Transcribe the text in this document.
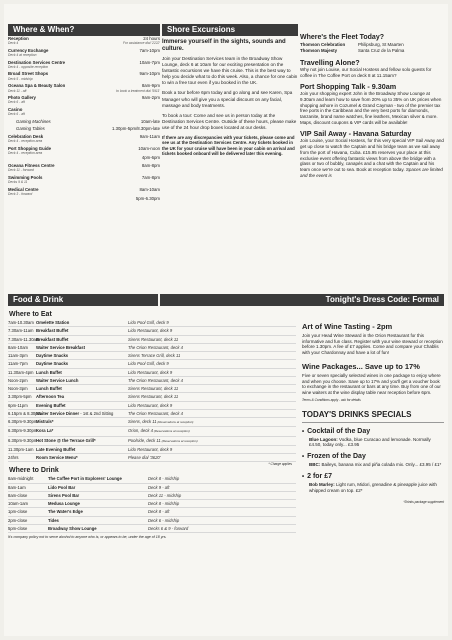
Where & When?	Shore Excursions
Reception	24 hours
Deck 4	For assistance dial '2222'
Currency Exchange	7am-10pm
Deck 4 at reception
Destination Services Centre	10am-7pm
Deck 4 - opposite reception
Broad Street Shops	9am-10pm
Deck 5 - midship
Oceana Spa & Beauty Salon	8am-9pm
Deck 11 - aft	to book a treatment dial '5911'
Photo Gallery	9am-2pm
Deck 6 - aft
Casino
Deck 6 - aft
Gaming Machines	10am-late
Gaming Tables	1.30pm-5pm/8.30pm-late
Celebration Desk	9am-11am
Deck 4 - reception area
Port Shopping Guide	10am-noon
Deck 4 - reception area
4pm-6pm
Oceana Fitness Centre	8am-8pm
Deck 11 - forward
Swimming Pools	7am-8pm
Decks 9 & 11
Medical Centre	8am-10am
Deck 3 - forward
5pm-6.30pm
Immerse yourself in the sights, sounds and culture.
Join your Destination Services team in the Broadway Show Lounge, deck 6 at 10am for our exciting presentation on the fantastic excursions we have this cruise. This is the best way to help you decide what to do this week. Also, a chance for one cabin to win a free tour even if you booked in the UK.
Book a tour before 6pm today and go along and see Karen, Spa Manager who will give you a special discount on any facial, massage and body treatments.
To book a tour: Come and see us in person today at the Destination Services Centre. Outside of these hours, please make use of the 24 hour drop boxes located at our desks.
If there are any discrepancies with your tickets, please come and see us at the Destination Services Centre. Any tickets booked in the UK for your cruise will have been in your cabin on arrival and tickets booked onboard will be delivered later this evening.
Where's the Fleet Today?
Thomson Celebration	Philipsburg, St Maarten
Thomson Majesty	Santa Cruz de la Palma
Travelling Alone?
Why not join Louise, our Social Hostess and fellow solo guests for coffee in The Coffee Port on deck 8 at 11.15am?
Port Shopping Talk - 9.30am
Join your shopping expert John in the Broadway Show Lounge at 9.30am and learn how to save from 20% up to 35% on UK prices when shopping ashore in Cozumel & Grand Cayman - two of the premier tax free ports in the Caribbean and the very best ports for diamonds, tanzanite, brand name watches, fine leathers, Mexican silver & more. Maps, discount coupons & VIP cards will be available!
VIP Sail Away - Havana Saturday
Join Louise, your Social Hostess, for this very special VIP Sail Away and get up close to watch the Captain and his bridge team as we sail away from the port of Havana, Cuba. £15.95 reserves your place at this exclusive event offering fantastic views from above the bridge with a glass or two of bubbly, canapés and a chat with the Captain and his team once we're out to sea. Book at reception today. Spaces are limited and the event is
Food & Drink	Tonight's Dress Code: Formal
Where to Eat
7am-10.30am Omelette Station	Lido Pool Grill, deck 9
7.30am-11am Breakfast Buffet	Lido Restaurant, deck 9
7.30am-11.30am
Breakfast Buffet	Sirens Restaurant, deck 11
8am-10am	Waiter Service Breakfast	The Orion Restaurant, deck 4
11am-3pm	Daytime Snacks	Sirens Terrace Grill, deck 11
11am-7pm	Daytime Snacks	Lido Pool Grill, deck 9
11.30am-4pm Lunch Buffet	Lido Restaurant, deck 9
Noon-2pm	Waiter Service Lunch	The Orion Restaurant, deck 4
Noon-3pm	Lunch Buffet	Sirens Restaurant, deck 11
3.30pm-5pm	Afternoon Tea	Sirens Restaurant, deck 11
6pm-11pm	Evening Buffet	Lido Restaurant, deck 9
6.15pm & 8.30pm
Waiter Service Dinner - 1st & 2nd Sitting	The Orion Restaurant, deck 4
6.30pm-9.30pm
Mistrals*	Sirens, deck 11 (Reservations at reception)
6.30pm-9.30pm
Kora La*	Orion, deck 4 (Reservations at reception)
6.30pm-9.30pm
Hot Stone @ the Terrace Grill*	Poolside, deck 11 (Reservations at reception)
11.30pm-1am Late Evening Buffet	Lido Restaurant, deck 9
24hrs	Room Service Menu*	Please dial '3620'
* Charge applies
Where to Drink
8am-midnight	The Coffee Port in Explorers' Lounge	Deck 8 - midship
8am-1am	Lido Pool Bar	Deck 9 - aft
8am-close	Sirens Pool Bar	Deck 11 - midship
10am-1am	Medusa Lounge	Deck 8 - midship
1pm-close	The Water's Edge	Deck 8 - aft
2pm-close	Tides	Deck 6 - midship
5pm-close	Broadway Show Lounge	Decks 6 & 9 - forward
It's company policy not to serve alcohol to anyone who is, or appears to be, under the age of 18 yrs.
Art of Wine Tasting - 2pm
Join your Head Wine Steward in the Orion Restaurant for this informative and fun class. Register with your wine steward or reception before 1.30pm. A fee of £7 applies. Come and compare your Chablis with your Chardonnay and have a lot of fun!
Wine Packages... Save up to 17%
Five or seven specially selected wines in one package to enjoy where and when you choose. Save up to 17% and you'll get a voucher book to exchange in the restaurant or bars at any time. Buy from one of our wine waiters at the wine display table near reception before 6pm.
Terms & Conditions apply - ask for details
TODAY'S DRINKS SPECIALS
• Cocktail of the Day
Blue Lagoon: Vodka, blue Curacao and lemonade. Normally £4.50, today only... £3.95
• Frozen of the Day
BBC: Baileys, banana mix and piña colada mix. Only... £3.95 / £1*
• 2 for £7
Bob Marley: Light rum, Midori, grenadine & pineapple juice with whipped cream on top. £2*
*Drinks package supplement
